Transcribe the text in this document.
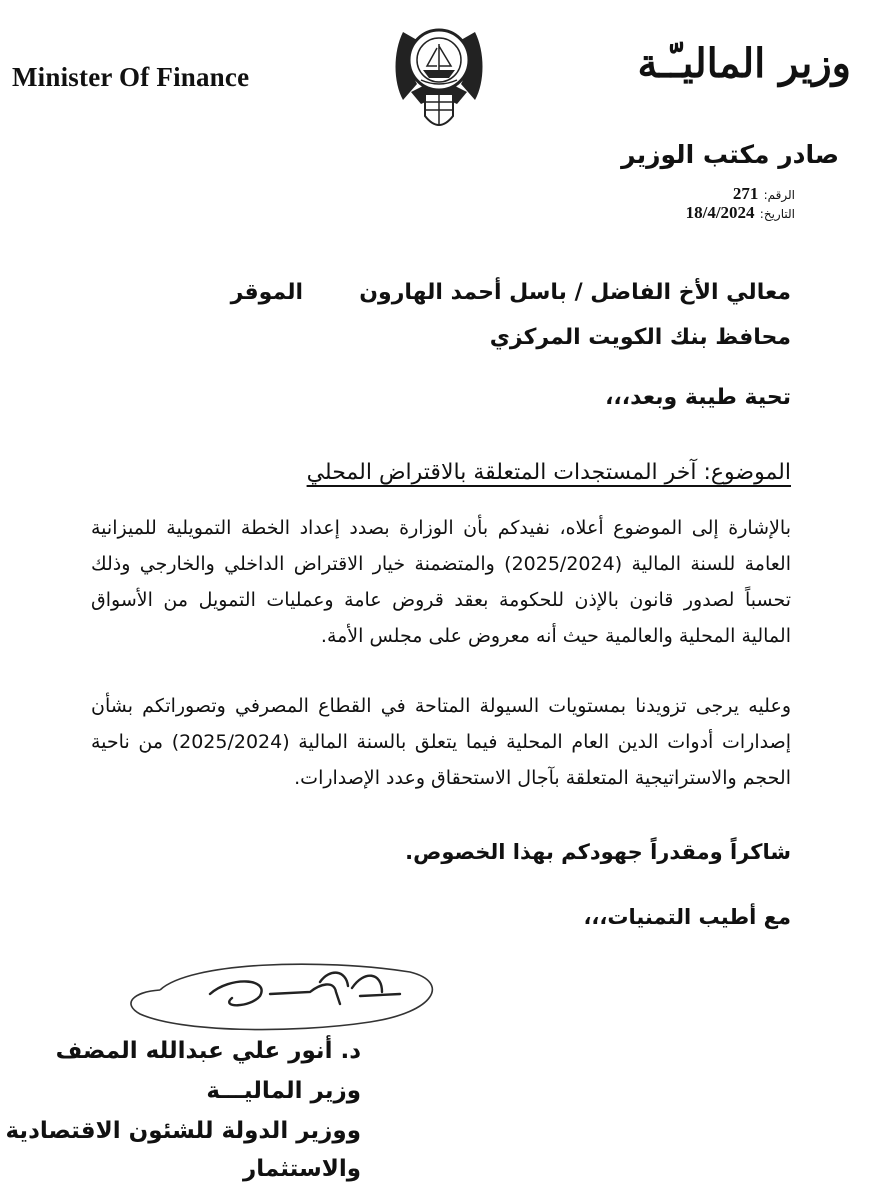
Minister Of Finance	وزير الماليـّـة
صادر مكتب الوزير
الرقم: 271
التاريخ: 18/4/2024
معالي الأخ الفاضل / باسل أحمد الهارون
الموقر
محافظ بنك الكويت المركزي
تحية طيبة وبعد،،،
الموضوع: آخر المستجدات المتعلقة بالاقتراض المحلي
بالإشارة إلى الموضوع أعلاه، نفيدكم بأن الوزارة بصدد إعداد الخطة التمويلية للميزانية العامة للسنة المالية (2025/2024) والمتضمنة خيار الاقتراض الداخلي والخارجي وذلك تحسباً لصدور قانون بالإذن للحكومة بعقد قروض عامة وعمليات التمويل من الأسواق المالية المحلية والعالمية حيث أنه معروض على مجلس الأمة.
وعليه يرجى تزويدنا بمستويات السيولة المتاحة في القطاع المصرفي وتصوراتكم بشأن إصدارات أدوات الدين العام المحلية فيما يتعلق بالسنة المالية (2025/2024) من ناحية الحجم والاستراتيجية المتعلقة بآجال الاستحقاق وعدد الإصدارات.
شاكراً ومقدراً جهودكم بهذا الخصوص.
مع أطيب التمنيات،،،
د. أنور علي عبدالله المضف
وزير الماليـــة
ووزير الدولة للشئون الاقتصادية
والاستثمار
